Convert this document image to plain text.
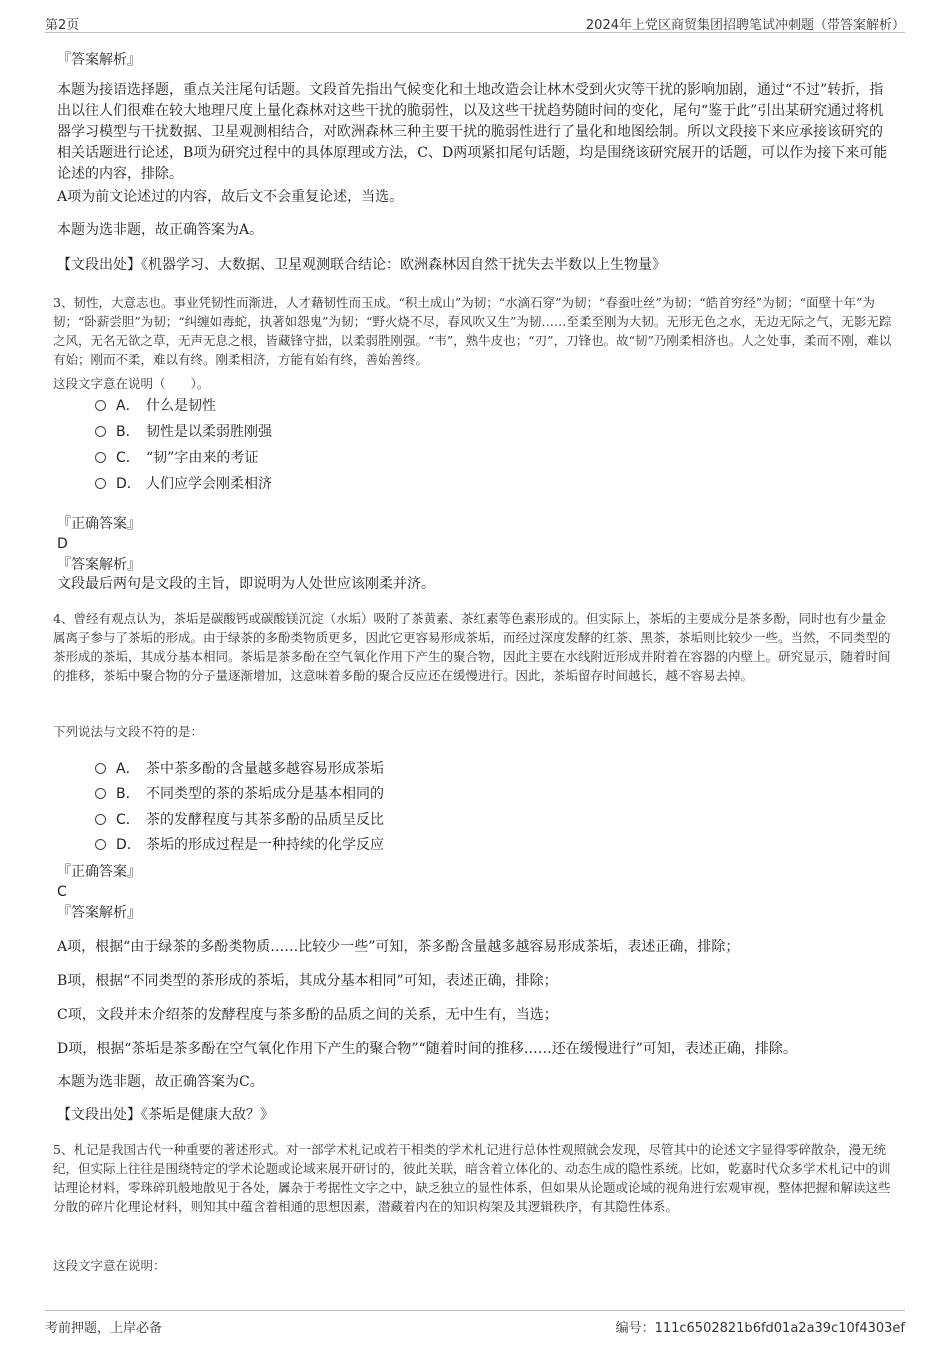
第2页	2024年上党区商贸集团招聘笔试冲刺题（带答案解析）
『答案解析』
本题为接语选择题，重点关注尾句话题。文段首先指出气候变化和土地改造会让林木受到火灾等干扰的影响加剧，通过“不过”转折，指出以往人们很难在较大地理尺度上量化森林对这些干扰的脆弱性，以及这些干扰趋势随时间的变化，尾句“鉴于此”引出某研究通过将机器学习模型与干扰数据、卫星观测相结合，对欧洲森林三种主要干扰的脆弱性进行了量化和地图绘制。所以文段接下来应承接该研究的相关话题进行论述，B项为研究过程中的具体原理或方法，C、D两项紧扣尾句话题，均是围绕该研究展开的话题，可以作为接下来可能论述的内容，排除。
A项为前文论述过的内容，故后文不会重复论述，当选。
本题为选非题，故正确答案为A。
【文段出处】《机器学习、大数据、卫星观测联合结论：欧洲森林因自然干扰失去半数以上生物量》
3、韧性，大意志也。事业凭韧性而渐进，人才藉韧性而玉成。“积土成山”为韧；“水滴石穿”为韧；“春蚕吐丝”为韧；“皓首穷经”为韧；“面壁十年”为韧；“卧薪尝胆”为韧；“纠缠如毒蛇，执著如怨鬼”为韧；“野火烧不尽，春风吹又生”为韧……至柔至刚为大韧。无形无色之水，无边无际之气，无影无踪之风，无名无欲之草，无声无息之根，皆藏锋守拙，以柔弱胜刚强。“韦”，熟牛皮也；“刃”，刀锋也。故“韧”乃刚柔相济也。人之处事，柔而不刚，难以有始；刚而不柔，难以有终。刚柔相济，方能有始有终，善始善终。
这段文字意在说明（　　）。
A． 什么是韧性
B． 韧性是以柔弱胜刚强
C． “韧”字由来的考证
D． 人们应学会刚柔相济
『正确答案』
D
『答案解析』
文段最后两句是文段的主旨，即说明为人处世应该刚柔并济。
4、曾经有观点认为，茶垢是碳酸钙或碳酸镁沉淀（水垢）吸附了茶黄素、茶红素等色素形成的。但实际上，茶垢的主要成分是茶多酚，同时也有少量金属离子参与了茶垢的形成。由于绿茶的多酚类物质更多，因此它更容易形成茶垢，而经过深度发酵的红茶、黑茶，茶垢则比较少一些。当然，不同类型的茶形成的茶垢，其成分基本相同。茶垢是茶多酚在空气氧化作用下产生的聚合物，因此主要在水线附近形成并附着在容器的内壁上。研究显示，随着时间的推移，茶垢中聚合物的分子量逐渐增加，这意味着多酚的聚合反应还在缓慢进行。因此，茶垢留存时间越长，越不容易去掉。
下列说法与文段不符的是：
A． 茶中茶多酚的含量越多越容易形成茶垢
B． 不同类型的茶的茶垢成分是基本相同的
C． 茶的发酵程度与其茶多酚的品质呈反比
D． 茶垢的形成过程是一种持续的化学反应
『正确答案』
C
『答案解析』
A项，根据“由于绿茶的多酚类物质……比较少一些”可知，茶多酚含量越多越容易形成茶垢，表述正确，排除；
B项，根据“不同类型的茶形成的茶垢，其成分基本相同”可知，表述正确，排除；
C项，文段并未介绍茶的发酵程度与茶多酚的品质之间的关系，无中生有，当选；
D项，根据“茶垢是茶多酚在空气氧化作用下产生的聚合物”“随着时间的推移……还在缓慢进行”可知，表述正确，排除。
本题为选非题，故正确答案为C。
【文段出处】《茶垢是健康大敌？》
5、札记是我国古代一种重要的著述形式。对一部学术札记或若干相类的学术札记进行总体性观照就会发现，尽管其中的论述文字显得零碎散杂，漫无统纪，但实际上往往是围绕特定的学术论题或论域来展开研讨的，彼此关联，暗含着立体化的、动态生成的隐性系统。比如，乾嘉时代众多学术札记中的训诂理论材料，零珠碎玑般地散见于各处，羼杂于考据性文字之中，缺乏独立的显性体系，但如果从论题或论域的视角进行宏观审视，整体把握和解读这些分散的碎片化理论材料，则知其中蕴含着相通的思想因素，潜藏着内在的知识构架及其逻辑秩序，有其隐性体系。
这段文字意在说明：
考前押题，上岸必备	编号：111c6502821b6fd01a2a39c10f4303ef
